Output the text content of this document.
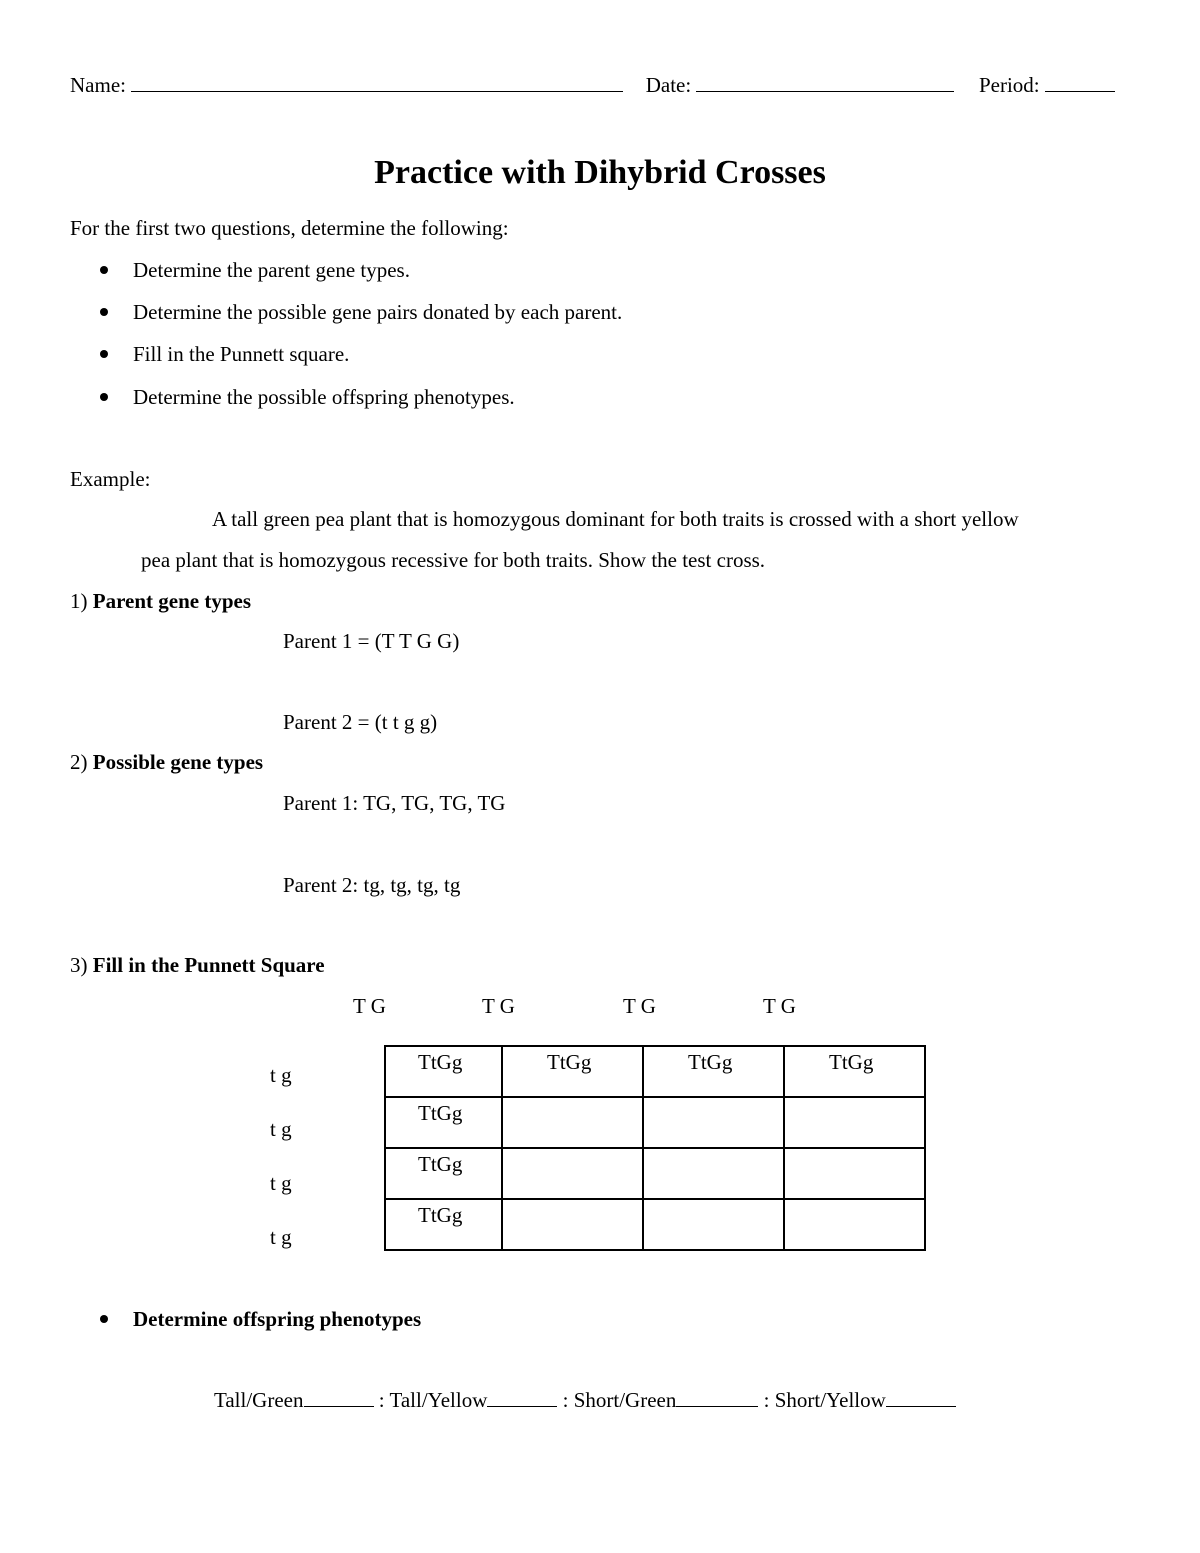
Name:	Date:	Period:
Practice with Dihybrid Crosses
For the first two questions, determine the following:
Determine the parent gene types.
Determine the possible gene pairs donated by each parent.
Fill in the Punnett square.
Determine the possible offspring phenotypes.
Example:
A tall green pea plant that is homozygous dominant for both traits is crossed with a short yellow
pea plant that is homozygous recessive for both traits. Show the test cross.
1) Parent gene types
Parent 1 = (T T G G)
Parent 2 = (t t g g)
2) Possible gene types
Parent 1: TG, TG, TG, TG
Parent 2: tg, tg, tg, tg
3) Fill in the Punnett Square
T G	T G	T G	T G
t g
t g
t g
t g
TtGg	TtGg	TtGg	TtGg

TtGg			

TtGg			

TtGg			

Determine offspring phenotypes
Tall/Green	: Tall/Yellow	: Short/Green	: Short/Yellow
